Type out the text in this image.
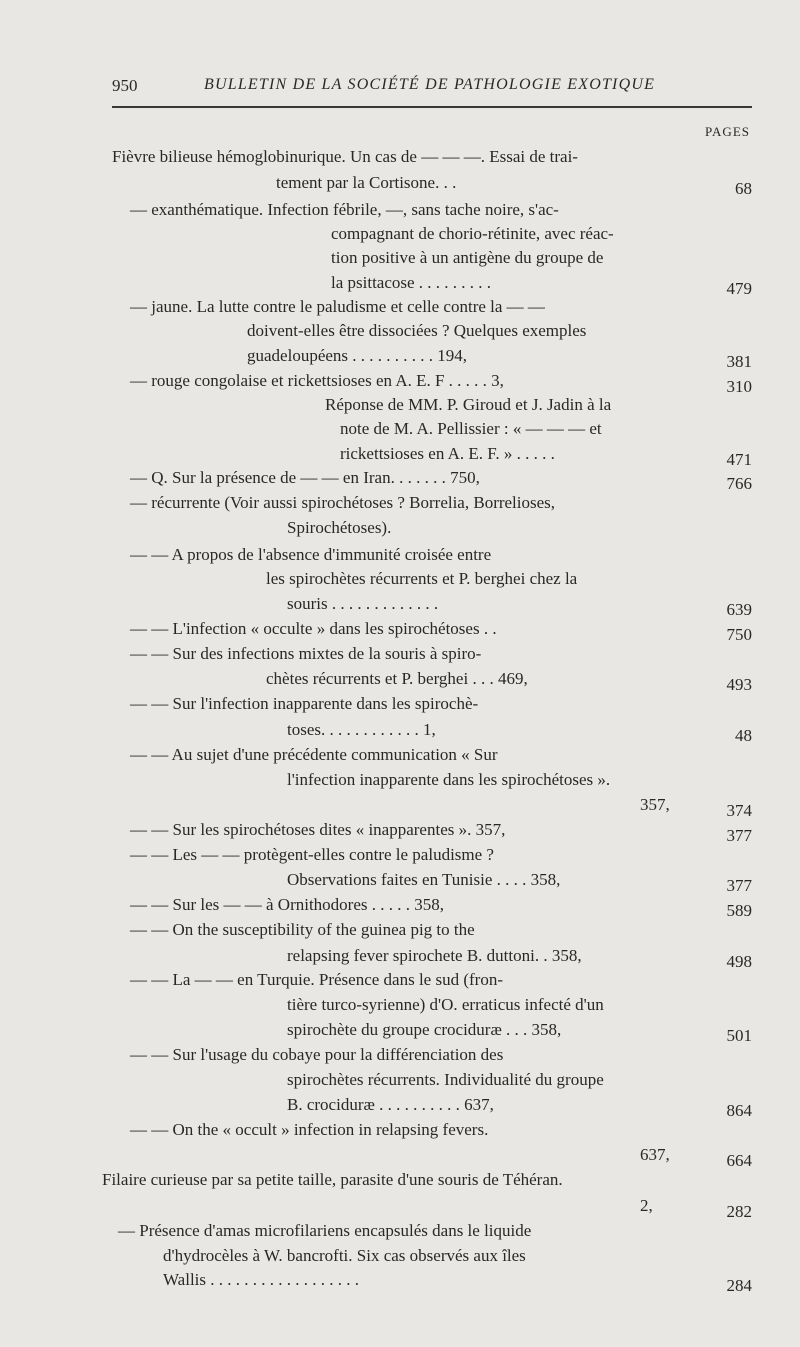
950	BULLETIN DE LA SOCIÉTÉ DE PATHOLOGIE EXOTIQUE
PAGES
Fièvre bilieuse hémoglobinurique. Un cas de — — —. Essai de trai-
tement par la Cortisone. . .	68
— exanthématique. Infection fébrile, —, sans tache noire, s'ac-
compagnant de chorio-rétinite, avec réac-
tion positive à un antigène du groupe de
la psittacose . . . . . . . . .	479
— jaune. La lutte contre le paludisme et celle contre la — —
doivent-elles être dissociées ? Quelques exemples
guadeloupéens . . . . . . . . . . 194,	381
— rouge congolaise et rickettsioses en A. E. F . . . . . 3,	310
Réponse de MM. P. Giroud et J. Jadin à la
note de M. A. Pellissier : « — — — et
rickettsioses en A. E. F. » . . . . .	471
— Q. Sur la présence de — — en Iran. . . . . . . 750,	766
— récurrente (Voir aussi spirochétoses ? Borrelia, Borrelioses,
Spirochétoses).
— — A propos de l'absence d'immunité croisée entre
les spirochètes récurrents et P. berghei chez la
souris . . . . . . . . . . . . .	639
— — L'infection « occulte » dans les spirochétoses . .	750
— — Sur des infections mixtes de la souris à spiro-
chètes récurrents et P. berghei . . . 469,	493
— — Sur l'infection inapparente dans les spirochè-
toses. . . . . . . . . . . . 1,	48
— — Au sujet d'une précédente communication « Sur
l'infection inapparente dans les spirochétoses ».
357,	374
— — Sur les spirochétoses dites « inapparentes ». 357,	377
— — Les — — protègent-elles contre le paludisme ?
Observations faites en Tunisie . . . . 358,	377
— — Sur les — — à Ornithodores . . . . . 358,	589
— — On the susceptibility of the guinea pig to the
relapsing fever spirochete B. duttoni. . 358,	498
— — La — — en Turquie. Présence dans le sud (fron-
tière turco-syrienne) d'O. erraticus infecté d'un
spirochète du groupe crociduræ . . . 358,	501
— — Sur l'usage du cobaye pour la différenciation des
spirochètes récurrents. Individualité du groupe
B. crociduræ . . . . . . . . . . 637,	864
— — On the « occult » infection in relapsing fevers.
637,	664
Filaire curieuse par sa petite taille, parasite d'une souris de Téhéran.
2,	282
— Présence d'amas microfilariens encapsulés dans le liquide
d'hydrocèles à W. bancrofti. Six cas observés aux îles
Wallis . . . . . . . . . . . . . . . . . .	284
